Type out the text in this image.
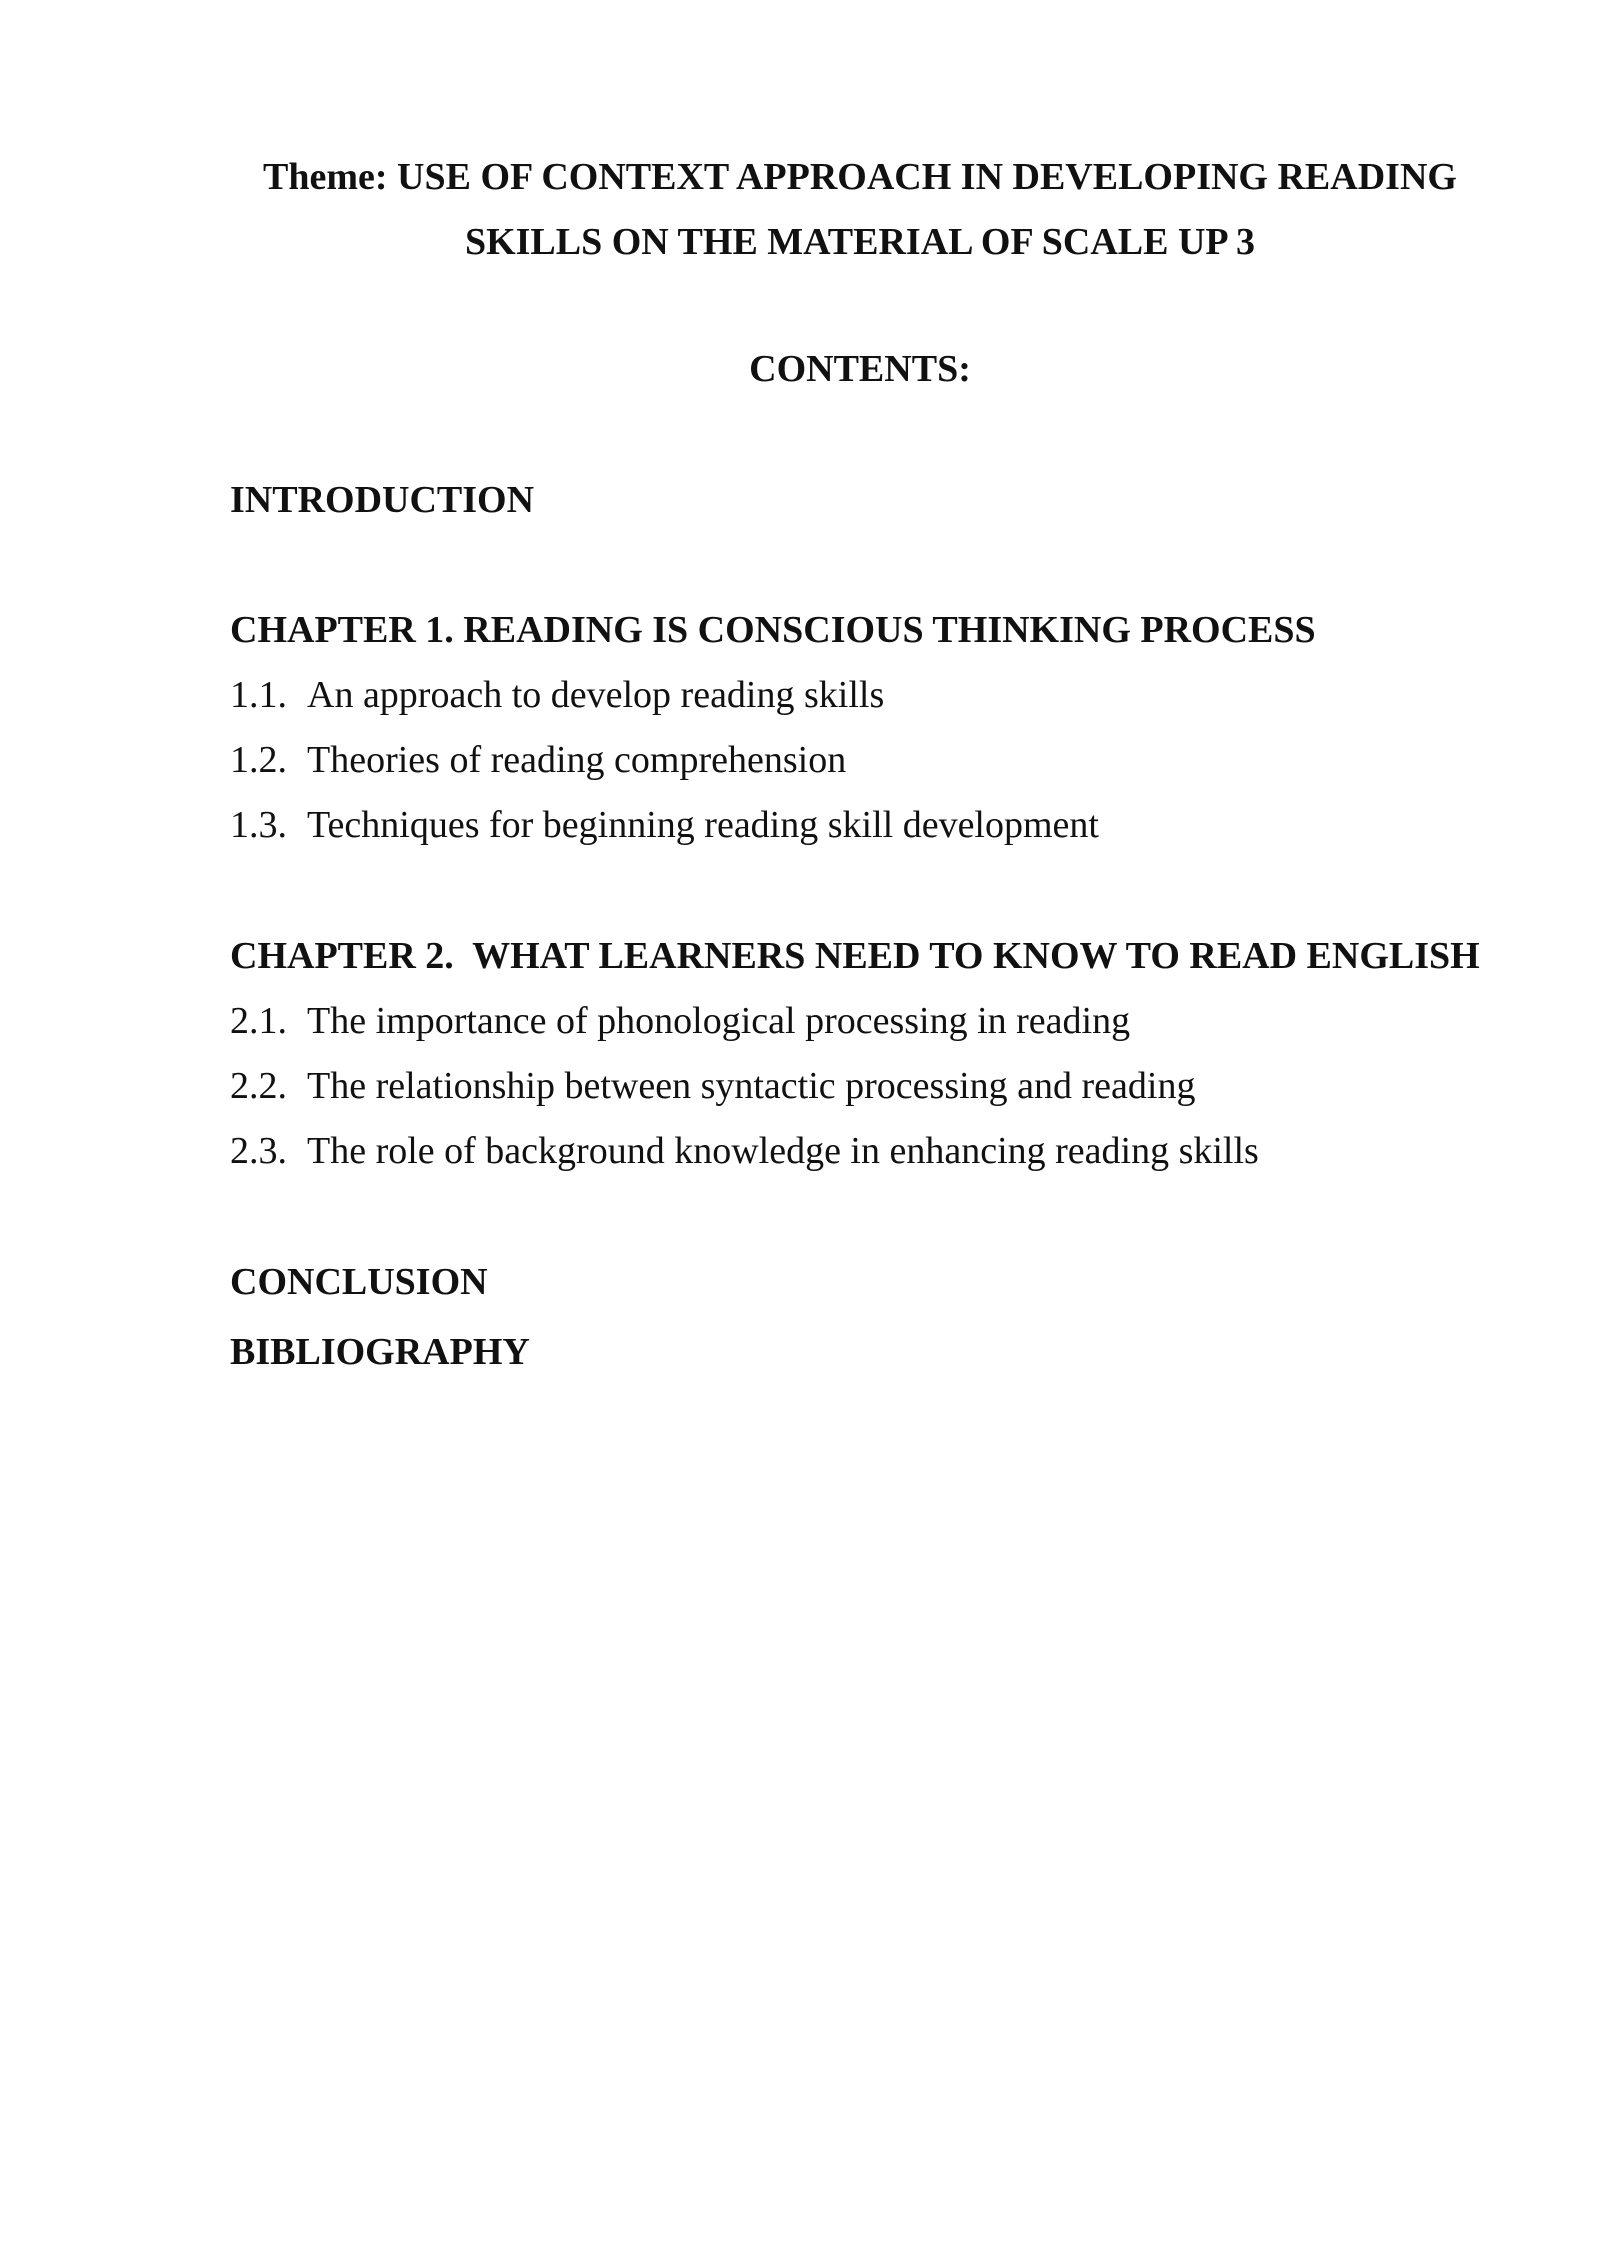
Theme: USE OF CONTEXT APPROACH IN DEVELOPING READING
SKILLS ON THE MATERIAL OF SCALE UP 3
CONTENTS:
INTRODUCTION
CHAPTER 1. READING IS CONSCIOUS THINKING PROCESS
1.1. An approach to develop reading skills
1.2. Theories of reading comprehension
1.3. Techniques for beginning reading skill development
CHAPTER 2.  WHAT LEARNERS NEED TO KNOW TO READ ENGLISH
2.1. The importance of phonological processing in reading
2.2. The relationship between syntactic processing and reading
2.3. The role of background knowledge in enhancing reading skills
CONCLUSION
BIBLIOGRAPHY
